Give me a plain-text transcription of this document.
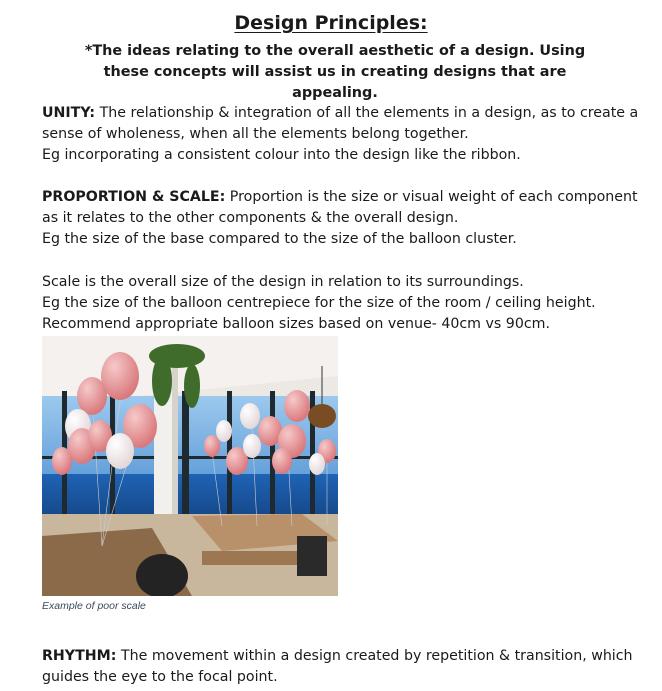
Design Principles:
*The ideas relating to the overall aesthetic of a design. Using these concepts will assist us in creating designs that are appealing.
UNITY: The relationship & integration of all the elements in a design, as to create a sense of wholeness, when all the elements belong together.
Eg incorporating a consistent colour into the design like the ribbon.
PROPORTION & SCALE: Proportion is the size or visual weight of each component as it relates to the other components & the overall design.
Eg the size of the base compared to the size of the balloon cluster.
Scale is the overall size of the design in relation to its surroundings.
Eg the size of the balloon centrepiece for the size of the room / ceiling height.
Recommend appropriate balloon sizes based on venue- 40cm vs 90cm.
Example of poor scale
RHYTHM: The movement within a design created by repetition & transition, which guides the eye to the focal point.
